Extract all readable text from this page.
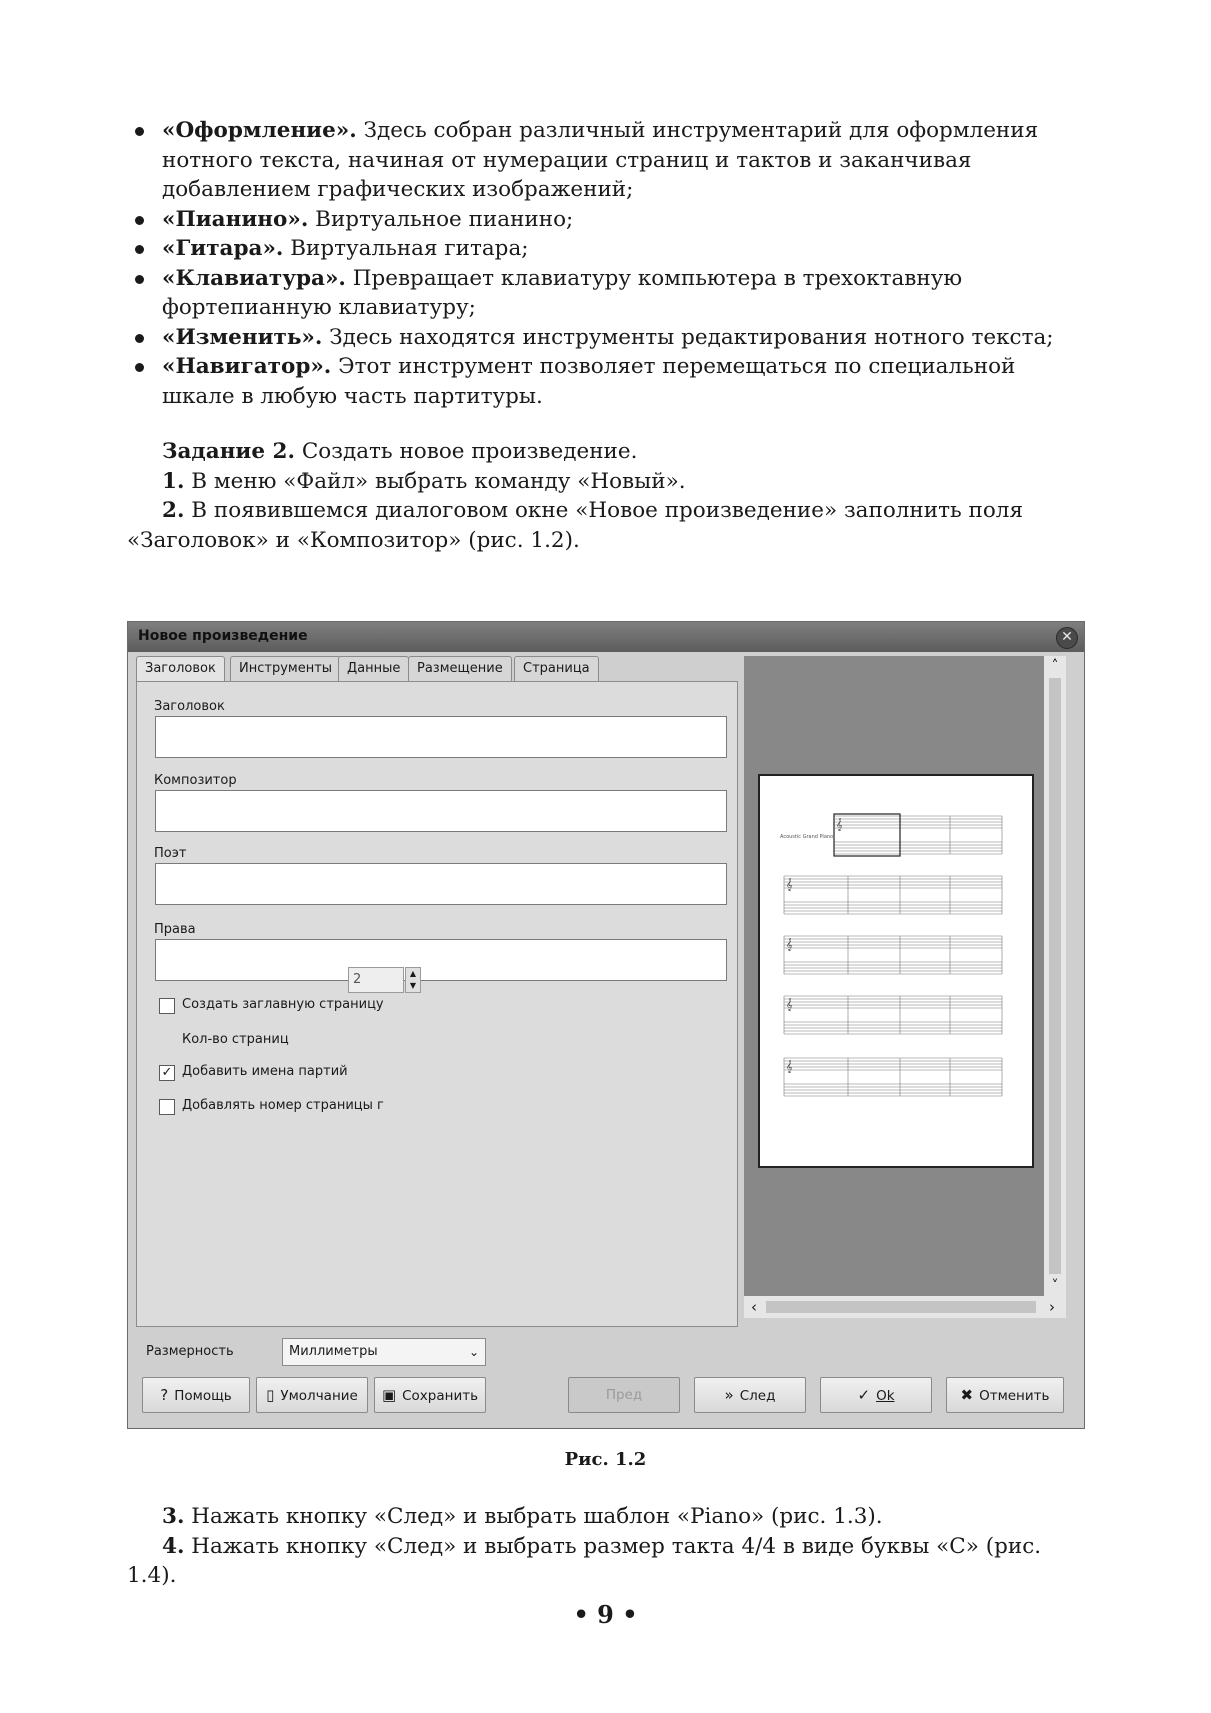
«Оформление». Здесь собран различный инструментарий для оформления нотного текста, начиная от нумерации страниц и тактов и заканчивая добавлением графических изображений;
«Пианино». Виртуальное пианино;
«Гитара». Виртуальная гитара;
«Клавиатура». Превращает клавиатуру компьютера в трехоктавную фортепианную клавиатуру;
«Изменить». Здесь находятся инструменты редактирования нотного текста;
«Навигатор». Этот инструмент позволяет перемещаться по специальной шкале в любую часть партитуры.

Задание 2. Создать новое произведение.

1. В меню «Файл» выбрать команду «Новый».

2. В появившемся диалоговом окне «Новое произведение» заполнить поля «Заголовок» и «Композитор» (рис. 1.2).

Новое произведение	✕
Заголовок	Инструменты	Данные	Размещение	Страница
Заголовок
Композитор
Поэт
Права
Создать заглавную страницу
Кол-во страниц
✓ Добавить имена партий
Добавлять номер страницы г
2	▲
▼
Acoustic Grand Piano
𝄞
𝄞
𝄞
𝄞
𝄞
˄
˅
‹	›
Размерность	Миллиметры	⌄
? Помощь	▯ Умолчание	▣ Сохранить	Пред	» След	✓ Ok	✖ Отменить
Рис. 1.2

3. Нажать кнопку «След» и выбрать шаблон «Piano» (рис. 1.3).

4. Нажать кнопку «След» и выбрать размер такта 4/4 в виде буквы «С» (рис. 1.4).

• 9 •
